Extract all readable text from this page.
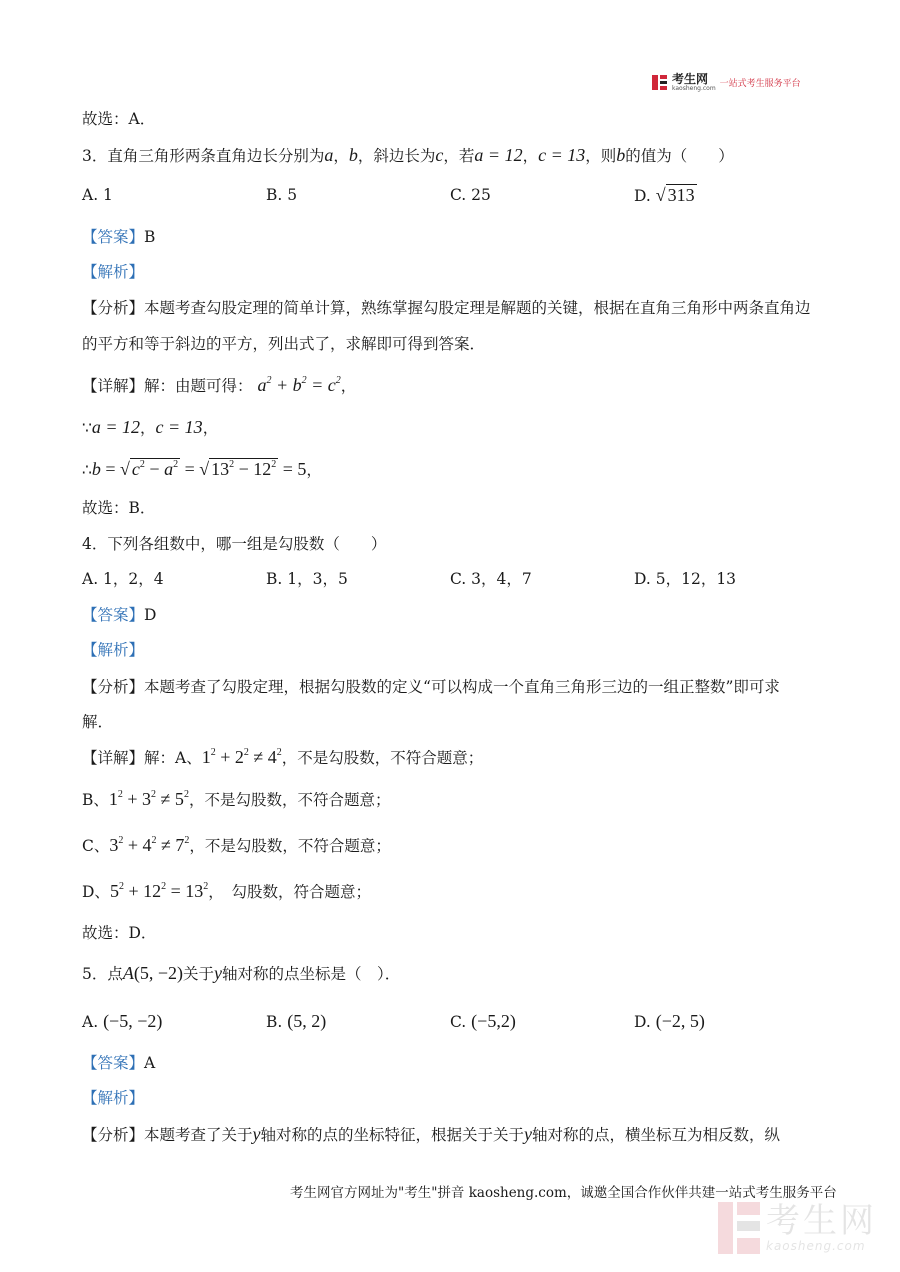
考生网
kaosheng.com 一站式考生服务平台
故选：A．
3．直角三角形两条直角边长分别为a，b，斜边长为c，若a = 12，c = 13，则b的值为（　　）
A. 1	B. 5	C. 25	D. √ 313
【答案】B
【解析】
【分析】本题考查勾股定理的简单计算，熟练掌握勾股定理是解题的关键，根据在直角三角形中两条直角边
的平方和等于斜边的平方，列出式了，求解即可得到答案．
【详解】解：由题可得： $a^2 + b^2 = c^2$，
∵a = 12，c = 13，
∴b = √ $c^2 - a^2$ = √ $13^2 - 12^2 = 5$，
故选：B．
4．下列各组数中，哪一组是勾股数（　　）
A. 1，2，4	B. 1，3，5	C. 3，4，7	D. 5，12，13
【答案】D
【解析】
【分析】本题考查了勾股定理，根据勾股数的定义“可以构成一个直角三角形三边的一组正整数”即可求
解．
【详解】解：A、$1^2 + 2^2 \ne 4^2$，不是勾股数，不符合题意；
B、$1^2 + 3^2 \ne 5^2$，不是勾股数，不符合题意；
C、$3^2 + 4^2 \ne 7^2$，不是勾股数，不符合题意；
D、$5^2 + 12^2 = 13^2$，　勾股数，符合题意；
故选：D．
5．点A(5, −2)关于y轴对称的点坐标是（　）．
A. (−5, −2)	B. (5, 2)	C. (−5,2)	D. (−2, 5)
【答案】A
【解析】
【分析】本题考查了关于y轴对称的点的坐标特征，根据关于关于y轴对称的点，横坐标互为相反数，纵
考生网官方网址为"考生"拼音 kaosheng.com，诚邀全国合作伙伴共建一站式考生服务平台
考生网
kaosheng.com
